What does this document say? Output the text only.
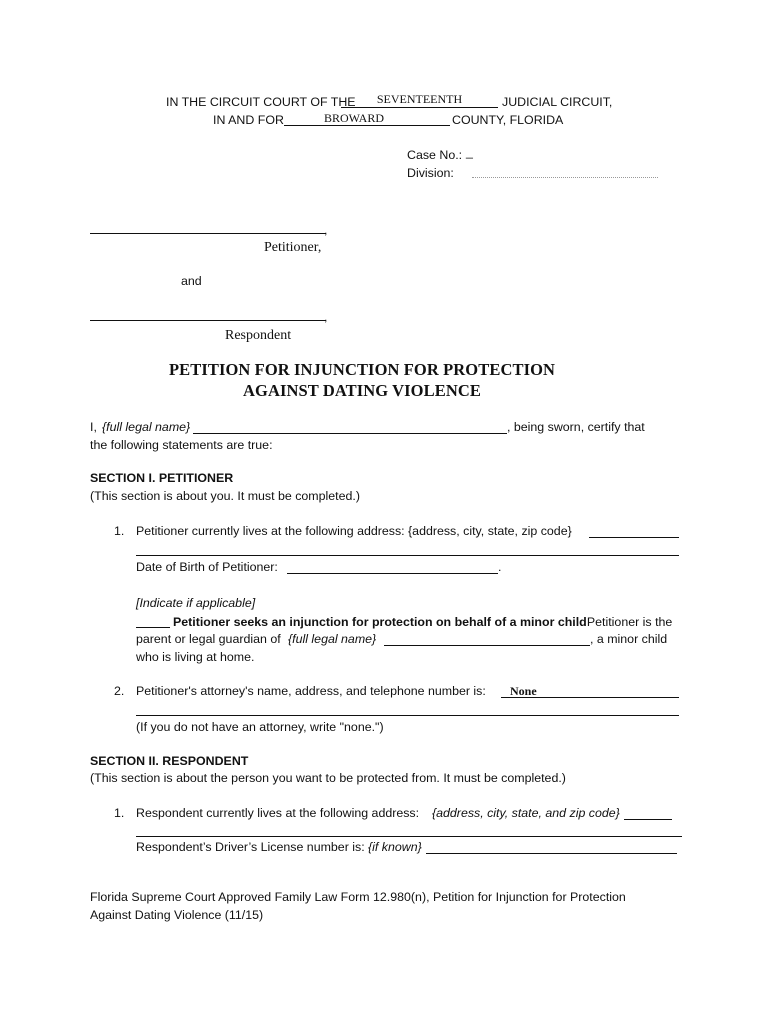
IN THE CIRCUIT COURT OF THE	SEVENTEENTH	JUDICIAL CIRCUIT,
IN AND FOR	BROWARD	COUNTY, FLORIDA
Case No.: _
Division:
,
Petitioner,
and
,
Respondent
PETITION FOR INJUNCTION FOR PROTECTION
AGAINST DATING VIOLENCE
I, {full legal name}	, being sworn, certify that
the following statements are true:
SECTION I. PETITIONER
(This section is about you. It must be completed.)
1. Petitioner currently lives at the following address: {address, city, state, zip code}
Date of Birth of Petitioner:	.
[Indicate if applicable]
Petitioner seeks an injunction for protection on behalf of a minor child
. Petitioner is the
parent or legal guardian of {full legal name}	, a minor child
who is living at home.
2. Petitioner's attorney's name, address, and telephone number is: None
(If you do not have an attorney, write "none.")
SECTION II. RESPONDENT
(This section is about the person you want to be protected from. It must be completed.)
1. Respondent currently lives at the following address: {address, city, state, and zip code}
Respondent’s Driver’s License number is: {if known}
Florida Supreme Court Approved Family Law Form 12.980(n), Petition for Injunction for Protection
Against Dating Violence (11/15)
